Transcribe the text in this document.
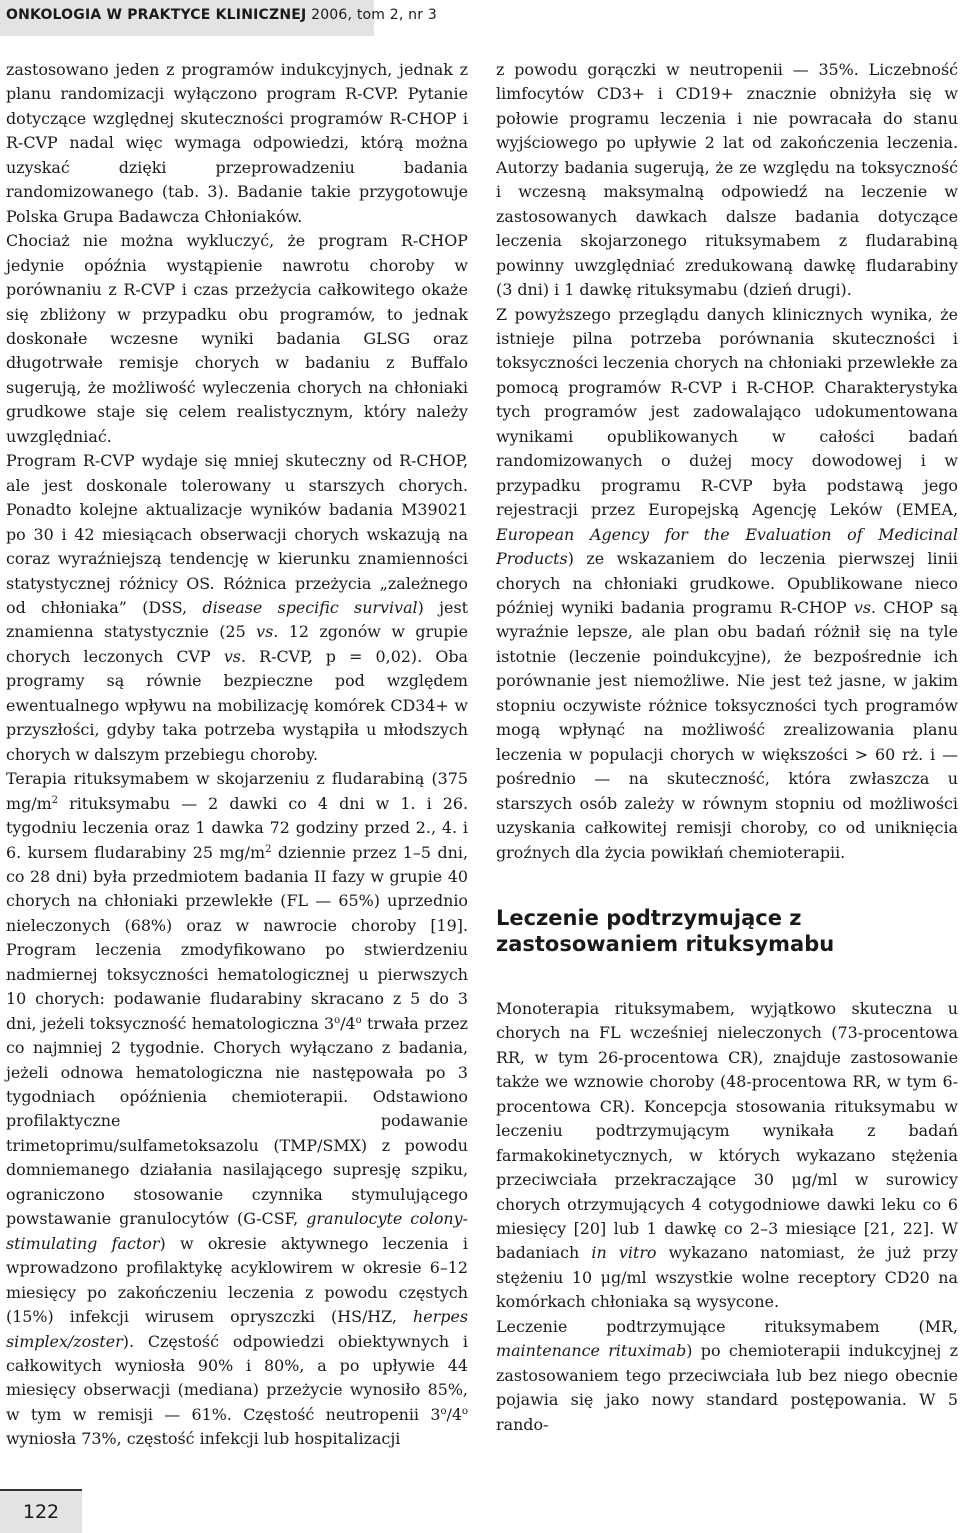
ONKOLOGIA W PRAKTYCE KLINICZNEJ 2006, tom 2, nr 3
zastosowano jeden z programów indukcyjnych, jednak z planu randomizacji wyłączono program R-CVP. Pytanie dotyczące względnej skuteczności programów R-CHOP i R-CVP nadal więc wymaga odpowiedzi, którą można uzyskać dzięki przeprowadzeniu badania randomizowanego (tab. 3). Badanie takie przygotowuje Polska Grupa Badawcza Chłoniaków.
Chociaż nie można wykluczyć, że program R-CHOP jedynie opóźnia wystąpienie nawrotu choroby w porównaniu z R-CVP i czas przeżycia całkowitego okaże się zbliżony w przypadku obu programów, to jednak doskonałe wczesne wyniki badania GLSG oraz długotrwałe remisje chorych w badaniu z Buffalo sugerują, że możliwość wyleczenia chorych na chłoniaki grudkowe staje się celem realistycznym, który należy uwzględniać.
Program R-CVP wydaje się mniej skuteczny od R-CHOP, ale jest doskonale tolerowany u starszych chorych. Ponadto kolejne aktualizacje wyników badania M39021 po 30 i 42 miesiącach obserwacji chorych wskazują na coraz wyraźniejszą tendencję w kierunku znamienności statystycznej różnicy OS. Różnica przeżycia „zależnego od chłoniaka” (DSS, disease specific survival) jest znamienna statystycznie (25 vs. 12 zgonów w grupie chorych leczonych CVP vs. R-CVP, p = 0,02). Oba programy są równie bezpieczne pod względem ewentualnego wpływu na mobilizację komórek CD34+ w przyszłości, gdyby taka potrzeba wystąpiła u młodszych chorych w dalszym przebiegu choroby.
Terapia rituksymabem w skojarzeniu z fludarabiną (375 $mg/m^2$ rituksymabu — 2 dawki co 4 dni w 1. i 26. tygodniu leczenia oraz 1 dawka 72 godziny przed 2., 4. i 6. kursem fludarabiny 25 $mg/m^2$ dziennie przez 1–5 dni, co 28 dni) była przedmiotem badania II fazy w grupie 40 chorych na chłoniaki przewlekłe (FL — 65%) uprzednio nieleczonych (68%) oraz w nawrocie choroby [19]. Program leczenia zmodyfikowano po stwierdzeniu nadmiernej toksyczności hematologicznej u pierwszych 10 chorych: podawanie fludarabiny skracano z 5 do 3 dni, jeżeli toksyczność hematologiczna 3$^o$/4$^o$ trwała przez co najmniej 2 tygodnie. Chorych wyłączano z badania, jeżeli odnowa hematologiczna nie następowała po 3 tygodniach opóźnienia chemioterapii. Odstawiono profilaktyczne podawanie trimetoprimu/sulfametoksazolu (TMP/SMX) z powodu domniemanego działania nasilającego supresję szpiku, ograniczono stosowanie czynnika stymulującego powstawanie granulocytów (G-CSF, granulocyte colony-stimulating factor) w okresie aktywnego leczenia i wprowadzono profilaktykę acyklowirem w okresie 6–12 miesięcy po zakończeniu leczenia z powodu częstych (15%) infekcji wirusem opryszczki (HS/HZ, herpes simplex/zoster). Częstość odpowiedzi obiektywnych i całkowitych wyniosła 90% i 80%, a po upływie 44 miesięcy obserwacji (mediana) przeżycie wynosiło 85%, w tym w remisji — 61%. Częstość neutropenii 3$^o$/4$^o$ wyniosła 73%, częstość infekcji lub hospitalizacji
z powodu gorączki w neutropenii — 35%. Liczebność limfocytów CD3+ i CD19+ znacznie obniżyła się w połowie programu leczenia i nie powracała do stanu wyjściowego po upływie 2 lat od zakończenia leczenia. Autorzy badania sugerują, że ze względu na toksyczność i wczesną maksymalną odpowiedź na leczenie w zastosowanych dawkach dalsze badania dotyczące leczenia skojarzonego rituksymabem z fludarabiną powinny uwzględniać zredukowaną dawkę fludarabiny (3 dni) i 1 dawkę rituksymabu (dzień drugi).
Z powyższego przeglądu danych klinicznych wynika, że istnieje pilna potrzeba porównania skuteczności i toksyczności leczenia chorych na chłoniaki przewlekłe za pomocą programów R-CVP i R-CHOP. Charakterystyka tych programów jest zadowalająco udokumentowana wynikami opublikowanych w całości badań randomizowanych o dużej mocy dowodowej i w przypadku programu R-CVP była podstawą jego rejestracji przez Europejską Agencję Leków (EMEA, European Agency for the Evaluation of Medicinal Products) ze wskazaniem do leczenia pierwszej linii chorych na chłoniaki grudkowe. Opublikowane nieco później wyniki badania programu R-CHOP vs. CHOP są wyraźnie lepsze, ale plan obu badań różnił się na tyle istotnie (leczenie poindukcyjne), że bezpośrednie ich porównanie jest niemożliwe. Nie jest też jasne, w jakim stopniu oczywiste różnice toksyczności tych programów mogą wpłynąć na możliwość zrealizowania planu leczenia w populacji chorych w większości > 60 rż. i — pośrednio — na skuteczność, która zwłaszcza u starszych osób zależy w równym stopniu od możliwości uzyskania całkowitej remisji choroby, co od uniknięcia groźnych dla życia powikłań chemioterapii.
Leczenie podtrzymujące z zastosowaniem rituksymabu
Monoterapia rituksymabem, wyjątkowo skuteczna u chorych na FL wcześniej nieleczonych (73-procentowa RR, w tym 26-procentowa CR), znajduje zastosowanie także we wznowie choroby (48-procentowa RR, w tym 6-procentowa CR). Koncepcja stosowania rituksymabu w leczeniu podtrzymującym wynikała z badań farmakokinetycznych, w których wykazano stężenia przeciwciała przekraczające 30 μg/ml w surowicy chorych otrzymujących 4 cotygodniowe dawki leku co 6 miesięcy [20] lub 1 dawkę co 2–3 miesiące [21, 22]. W badaniach in vitro wykazano natomiast, że już przy stężeniu 10 μg/ml wszystkie wolne receptory CD20 na komórkach chłoniaka są wysycone.
Leczenie podtrzymujące rituksymabem (MR, maintenance rituximab) po chemioterapii indukcyjnej z zastosowaniem tego przeciwciała lub bez niego obecnie pojawia się jako nowy standard postępowania. W 5 rando-
122
